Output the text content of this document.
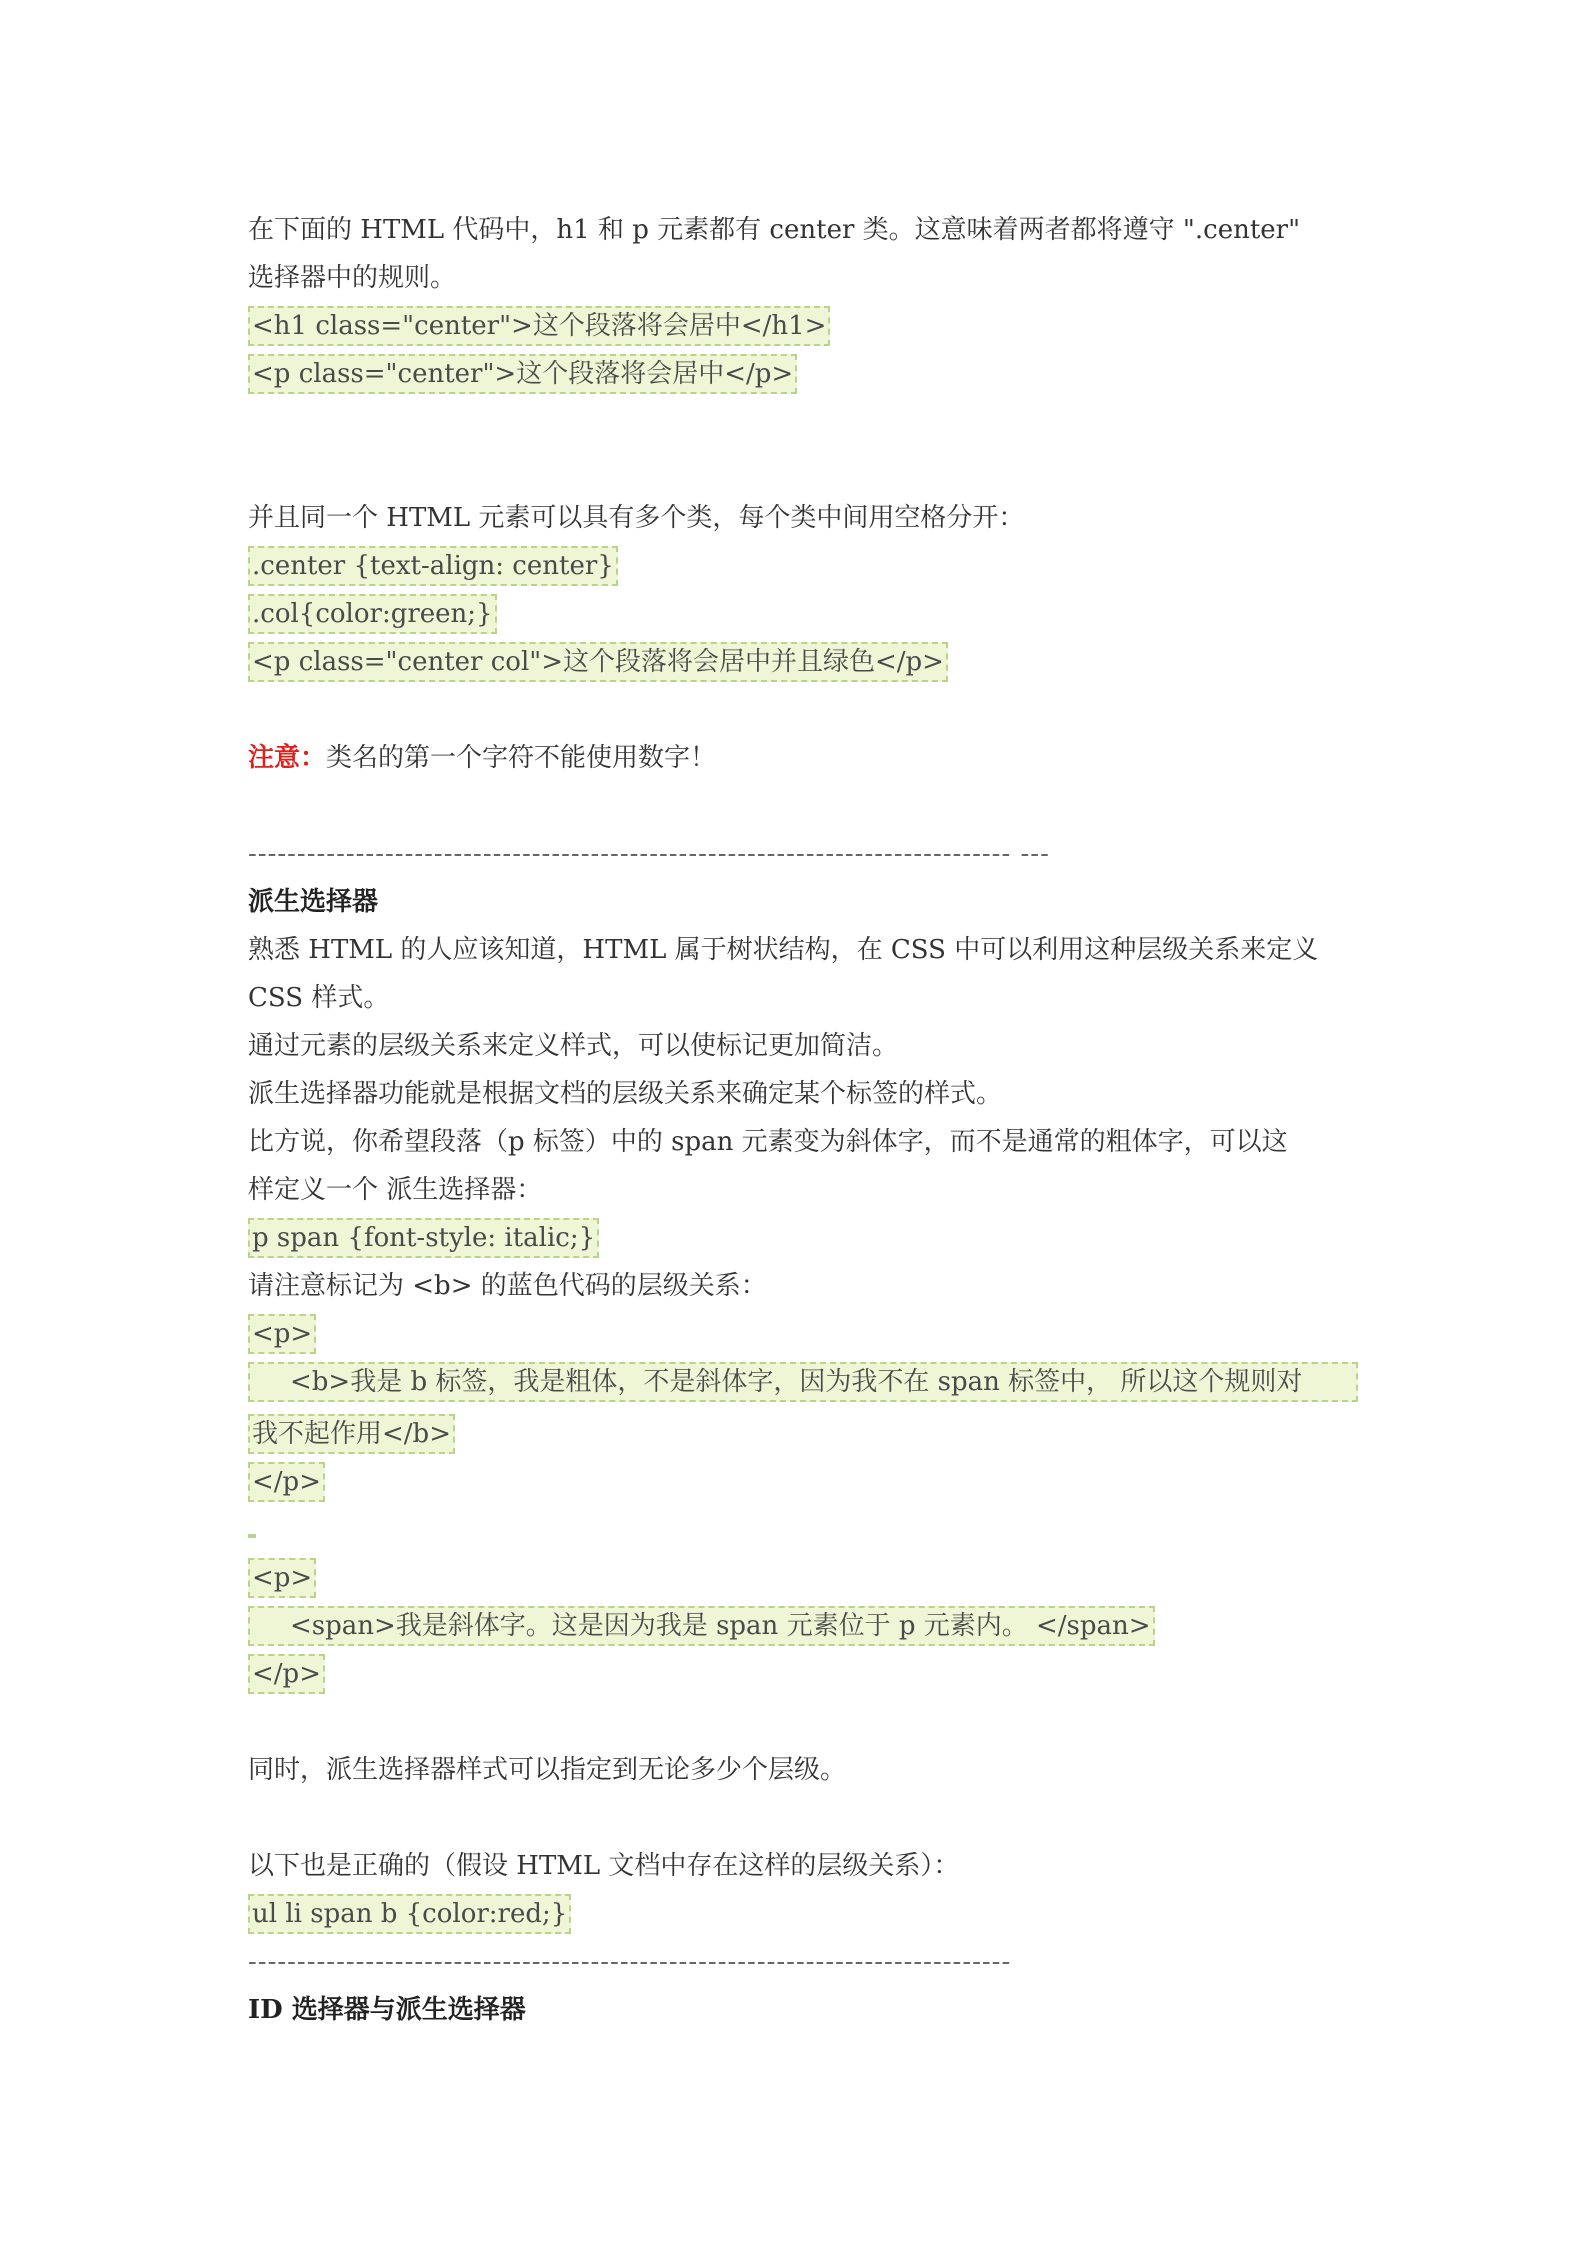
在下面的 HTML 代码中，h1 和 p 元素都有 center 类。这意味着两者都将遵守 ".center"
选择器中的规则。
<h1 class="center">这个段落将会居中</h1>
<p class="center">这个段落将会居中</p>
并且同一个 HTML 元素可以具有多个类，每个类中间用空格分开：
.center {text-align: center}
.col{color:green;}
<p class="center col">这个段落将会居中并且绿色</p>
注意：类名的第一个字符不能使用数字！
------------------------------------------------------------------------------ ---
派生选择器
熟悉 HTML 的人应该知道，HTML 属于树状结构，在 CSS 中可以利用这种层级关系来定义
CSS 样式。
通过元素的层级关系来定义样式，可以使标记更加简洁。
派生选择器功能就是根据文档的层级关系来确定某个标签的样式。
比方说，你希望段落（p 标签）中的 span 元素变为斜体字，而不是通常的粗体字，可以这
样定义一个 派生选择器：
p span {font-style: italic;}
请注意标记为 <b> 的蓝色代码的层级关系：
<p>
<b>我是 b 标签，我是粗体，不是斜体字，因为我不在 span 标签中， 所以这个规则对
我不起作用</b>
</p>
<p>
<span>我是斜体字。这是因为我是 span 元素位于 p 元素内。 </span>
</p>
同时，派生选择器样式可以指定到无论多少个层级。
以下也是正确的（假设 HTML 文档中存在这样的层级关系）：
ul li span b {color:red;}
------------------------------------------------------------------------------
ID 选择器与派生选择器
